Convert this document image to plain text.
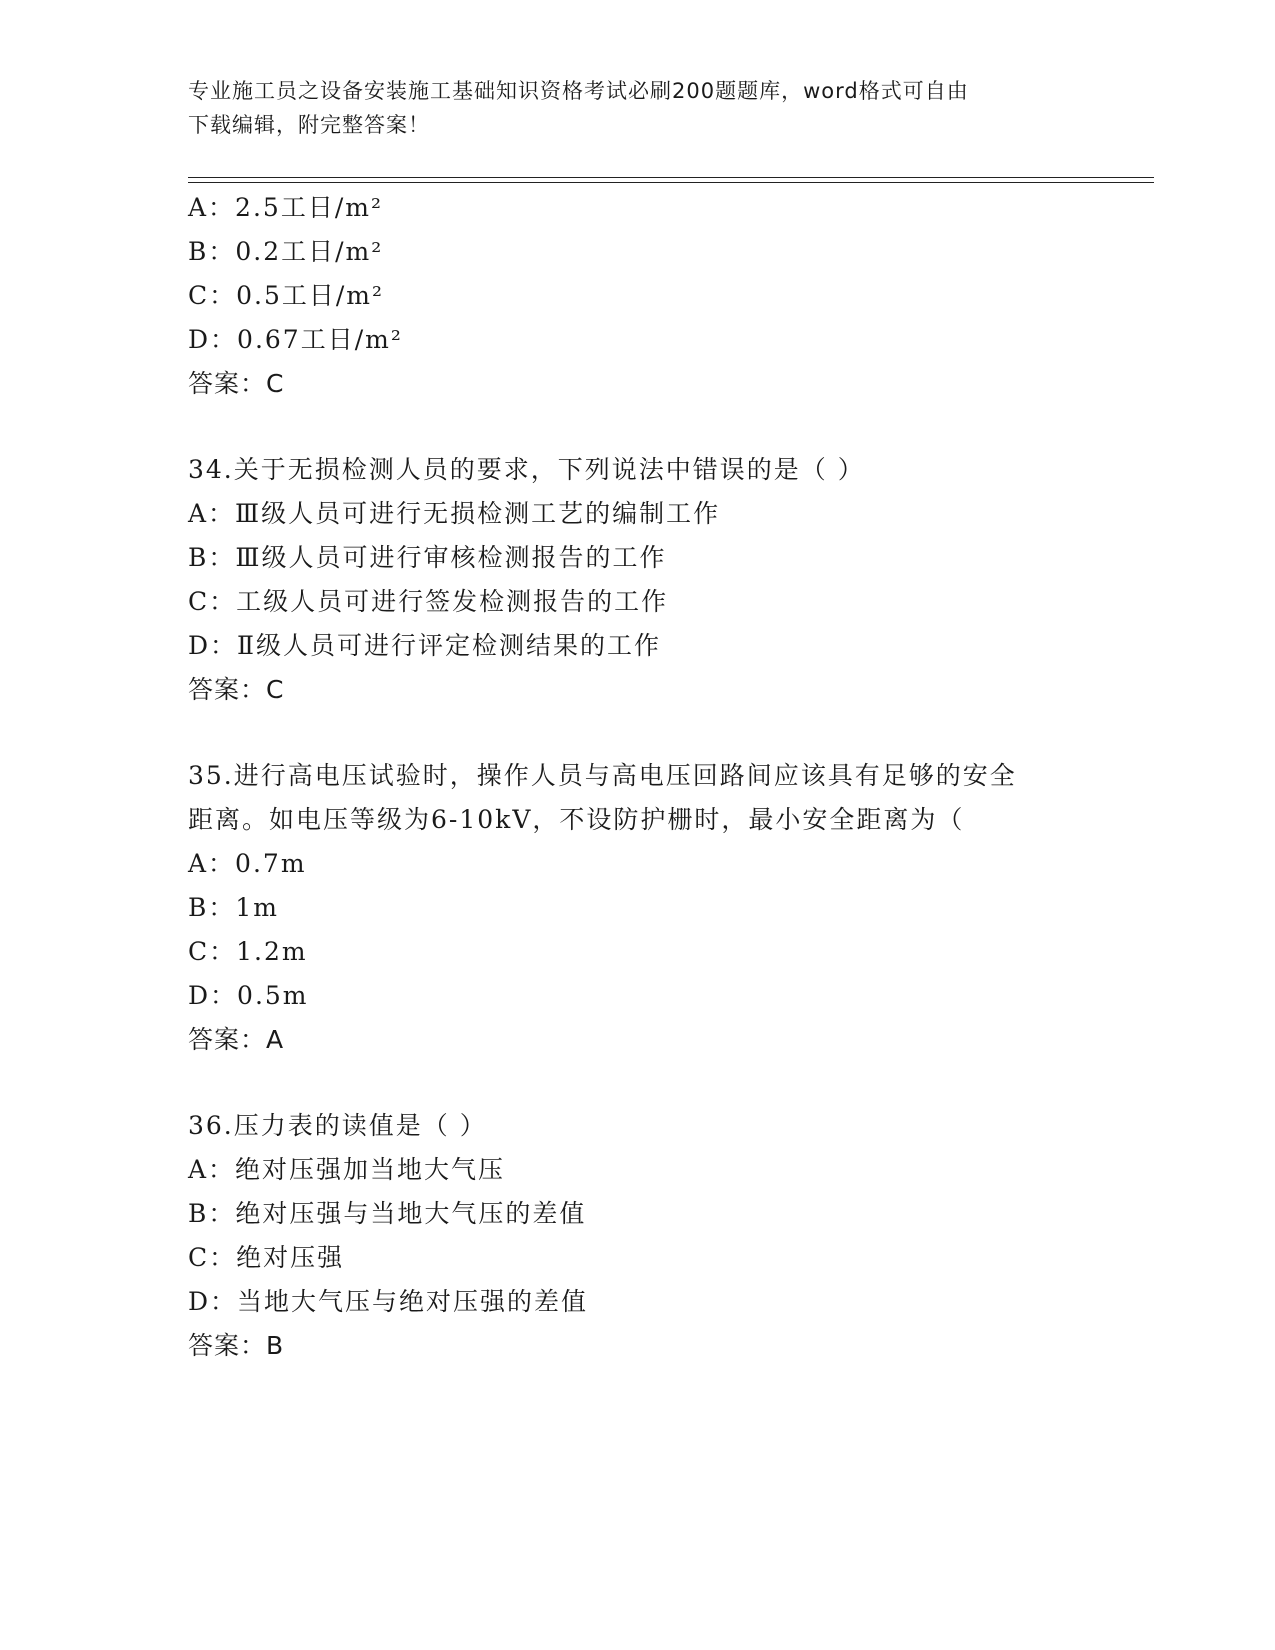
专业施工员之设备安装施工基础知识资格考试必刷200题题库，word格式可自由
下载编辑，附完整答案！
A：2.5工日/m²
B：0.2工日/m²
C：0.5工日/m²
D：0.67工日/m²
答案：C
34.关于无损检测人员的要求，下列说法中错误的是（ ）
A：Ⅲ级人员可进行无损检测工艺的编制工作
B：Ⅲ级人员可进行审核检测报告的工作
C：工级人员可进行签发检测报告的工作
D：Ⅱ级人员可进行评定检测结果的工作
答案：C
35.进行高电压试验时，操作人员与高电压回路间应该具有足够的安全
距离。如电压等级为6-10kV，不设防护栅时，最小安全距离为（
A：0.7m
B：1m
C：1.2m
D：0.5m
答案：A
36.压力表的读值是（ ）
A：绝对压强加当地大气压
B：绝对压强与当地大气压的差值
C：绝对压强
D：当地大气压与绝对压强的差值
答案：B
